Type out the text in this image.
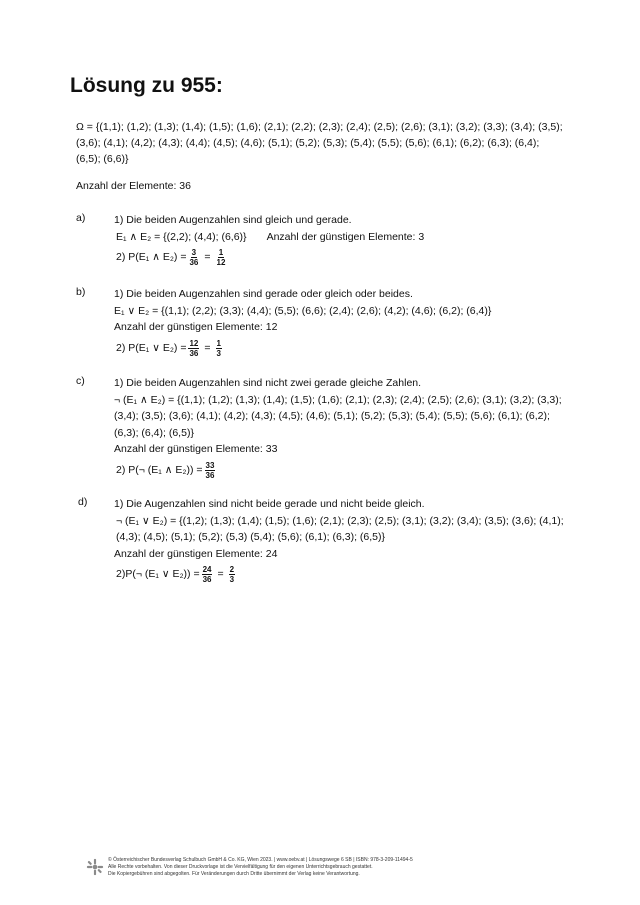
Lösung zu 955:
Ω = {(1,1); (1,2); (1,3); (1,4); (1,5); (1,6); (2,1); (2,2); (2,3); (2,4); (2,5); (2,6); (3,1); (3,2); (3,3); (3,4); (3,5); (3,6); (4,1); (4,2); (4,3); (4,4); (4,5); (4,6); (5,1); (5,2); (5,3); (5,4); (5,5); (5,6); (6,1); (6,2); (6,3); (6,4); (6,5); (6,6)}
Anzahl der Elemente: 36
a)	1) Die beiden Augenzahlen sind gleich und gerade.
E₁ ∧ E₂ = {(2,2); (4,4); (6,6)} Anzahl der günstigen Elemente: 3
2) P(E₁ ∧ $E_2) = \frac{3}{36} = \frac{1}{12}$
b)	1) Die beiden Augenzahlen sind gerade oder gleich oder beides.
E₁ ∨ E₂ = {(1,1); (2,2); (3,3); (4,4); (5,5); (6,6); (2,4); (2,6); (4,2); (4,6); (6,2); (6,4)}
Anzahl der günstigen Elemente: 12
2) P(E₁ ∨ $E_2) = \frac{12}{36} = \frac{1}{3}$
c)	1) Die beiden Augenzahlen sind nicht zwei gerade gleiche Zahlen.
¬ (E₁ ∧ E₂) = {(1,1); (1,2); (1,3); (1,4); (1,5); (1,6); (2,1); (2,3); (2,4); (2,5); (2,6); (3,1); (3,2); (3,3); (3,4); (3,5); (3,6); (4,1); (4,2); (4,3); (4,5); (4,6); (5,1); (5,2); (5,3); (5,4); (5,5); (5,6); (6,1); (6,2); (6,3); (6,4); (6,5)}
Anzahl der günstigen Elemente: 33
2) P(¬ (E₁ ∧ $E_2)) = \frac{33}{36}$
d)	1) Die Augenzahlen sind nicht beide gerade und nicht beide gleich.
¬ (E₁ ∨ E₂) = {(1,2); (1,3); (1,4); (1,5); (1,6); (2,1); (2,3); (2,5); (3,1); (3,2); (3,4); (3,5); (3,6); (4,1); (4,3); (4,5); (5,1); (5,2); (5,3) (5,4); (5,6); (6,1); (6,3); (6,5)}
Anzahl der günstigen Elemente: 24
2)P(¬ (E₁ ∨ $E_2)) = \frac{24}{36} = \frac{2}{3}$
© Österreichischer Bundesverlag Schulbuch GmbH & Co. KG, Wien 2023. | www.oebv.at | Lösungswege 6 SB | ISBN: 978-3-209-11494-5
Alle Rechte vorbehalten. Von dieser Druckvorlage ist die Vervielfältigung für den eigenen Unterrichtsgebrauch gestattet.
Die Kopiergebühren sind abgegolten. Für Veränderungen durch Dritte übernimmt der Verlag keine Verantwortung.
